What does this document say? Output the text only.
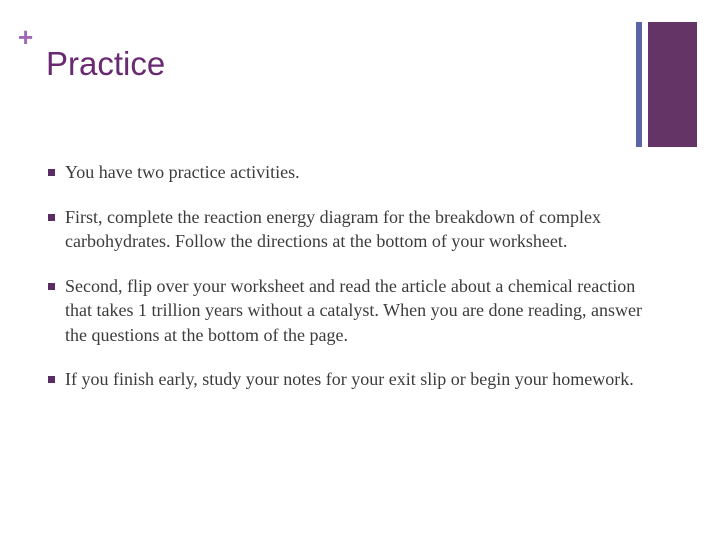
+
Practice
You have two practice activities.
First, complete the reaction energy diagram for the breakdown of complex carbohydrates. Follow the directions at the bottom of your worksheet.
Second, flip over your worksheet and read the article about a chemical reaction that takes 1 trillion years without a catalyst. When you are done reading, answer the questions at the bottom of the page.
If you finish early, study your notes for your exit slip or begin your homework.
